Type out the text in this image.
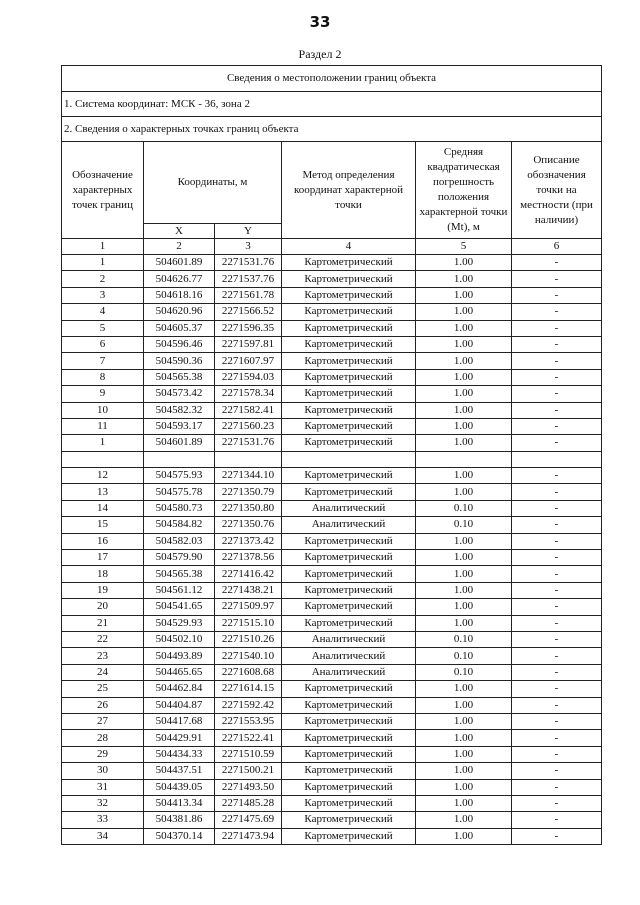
33
Раздел 2
Сведения о местоположении границ объекта					
1. Система координат: МСК - 36, зона 2					
2. Сведения о характерных точках границ объекта					
Обозначение характерных точек границ	Координаты, м		Метод определения координат характерной точки	Средняя квадратическая погрешность положения характерной точки (Mt), м	Описание обозначения точки на местности (при наличии)
	X	Y			
1	2	3	4	5	6
1	504601.89	2271531.76	Картометрический	1.00	-
2	504626.77	2271537.76	Картометрический	1.00	-
3	504618.16	2271561.78	Картометрический	1.00	-
4	504620.96	2271566.52	Картометрический	1.00	-
5	504605.37	2271596.35	Картометрический	1.00	-
6	504596.46	2271597.81	Картометрический	1.00	-
7	504590.36	2271607.97	Картометрический	1.00	-
8	504565.38	2271594.03	Картометрический	1.00	-
9	504573.42	2271578.34	Картометрический	1.00	-
10	504582.32	2271582.41	Картометрический	1.00	-
11	504593.17	2271560.23	Картометрический	1.00	-
1	504601.89	2271531.76	Картометрический	1.00	-

12	504575.93	2271344.10	Картометрический	1.00	-
13	504575.78	2271350.79	Картометрический	1.00	-
14	504580.73	2271350.80	Аналитический	0.10	-
15	504584.82	2271350.76	Аналитический	0.10	-
16	504582.03	2271373.42	Картометрический	1.00	-
17	504579.90	2271378.56	Картометрический	1.00	-
18	504565.38	2271416.42	Картометрический	1.00	-
19	504561.12	2271438.21	Картометрический	1.00	-
20	504541.65	2271509.97	Картометрический	1.00	-
21	504529.93	2271515.10	Картометрический	1.00	-
22	504502.10	2271510.26	Аналитический	0.10	-
23	504493.89	2271540.10	Аналитический	0.10	-
24	504465.65	2271608.68	Аналитический	0.10	-
25	504462.84	2271614.15	Картометрический	1.00	-
26	504404.87	2271592.42	Картометрический	1.00	-
27	504417.68	2271553.95	Картометрический	1.00	-
28	504429.91	2271522.41	Картометрический	1.00	-
29	504434.33	2271510.59	Картометрический	1.00	-
30	504437.51	2271500.21	Картометрический	1.00	-
31	504439.05	2271493.50	Картометрический	1.00	-
32	504413.34	2271485.28	Картометрический	1.00	-
33	504381.86	2271475.69	Картометрический	1.00	-
34	504370.14	2271473.94	Картометрический	1.00	-
